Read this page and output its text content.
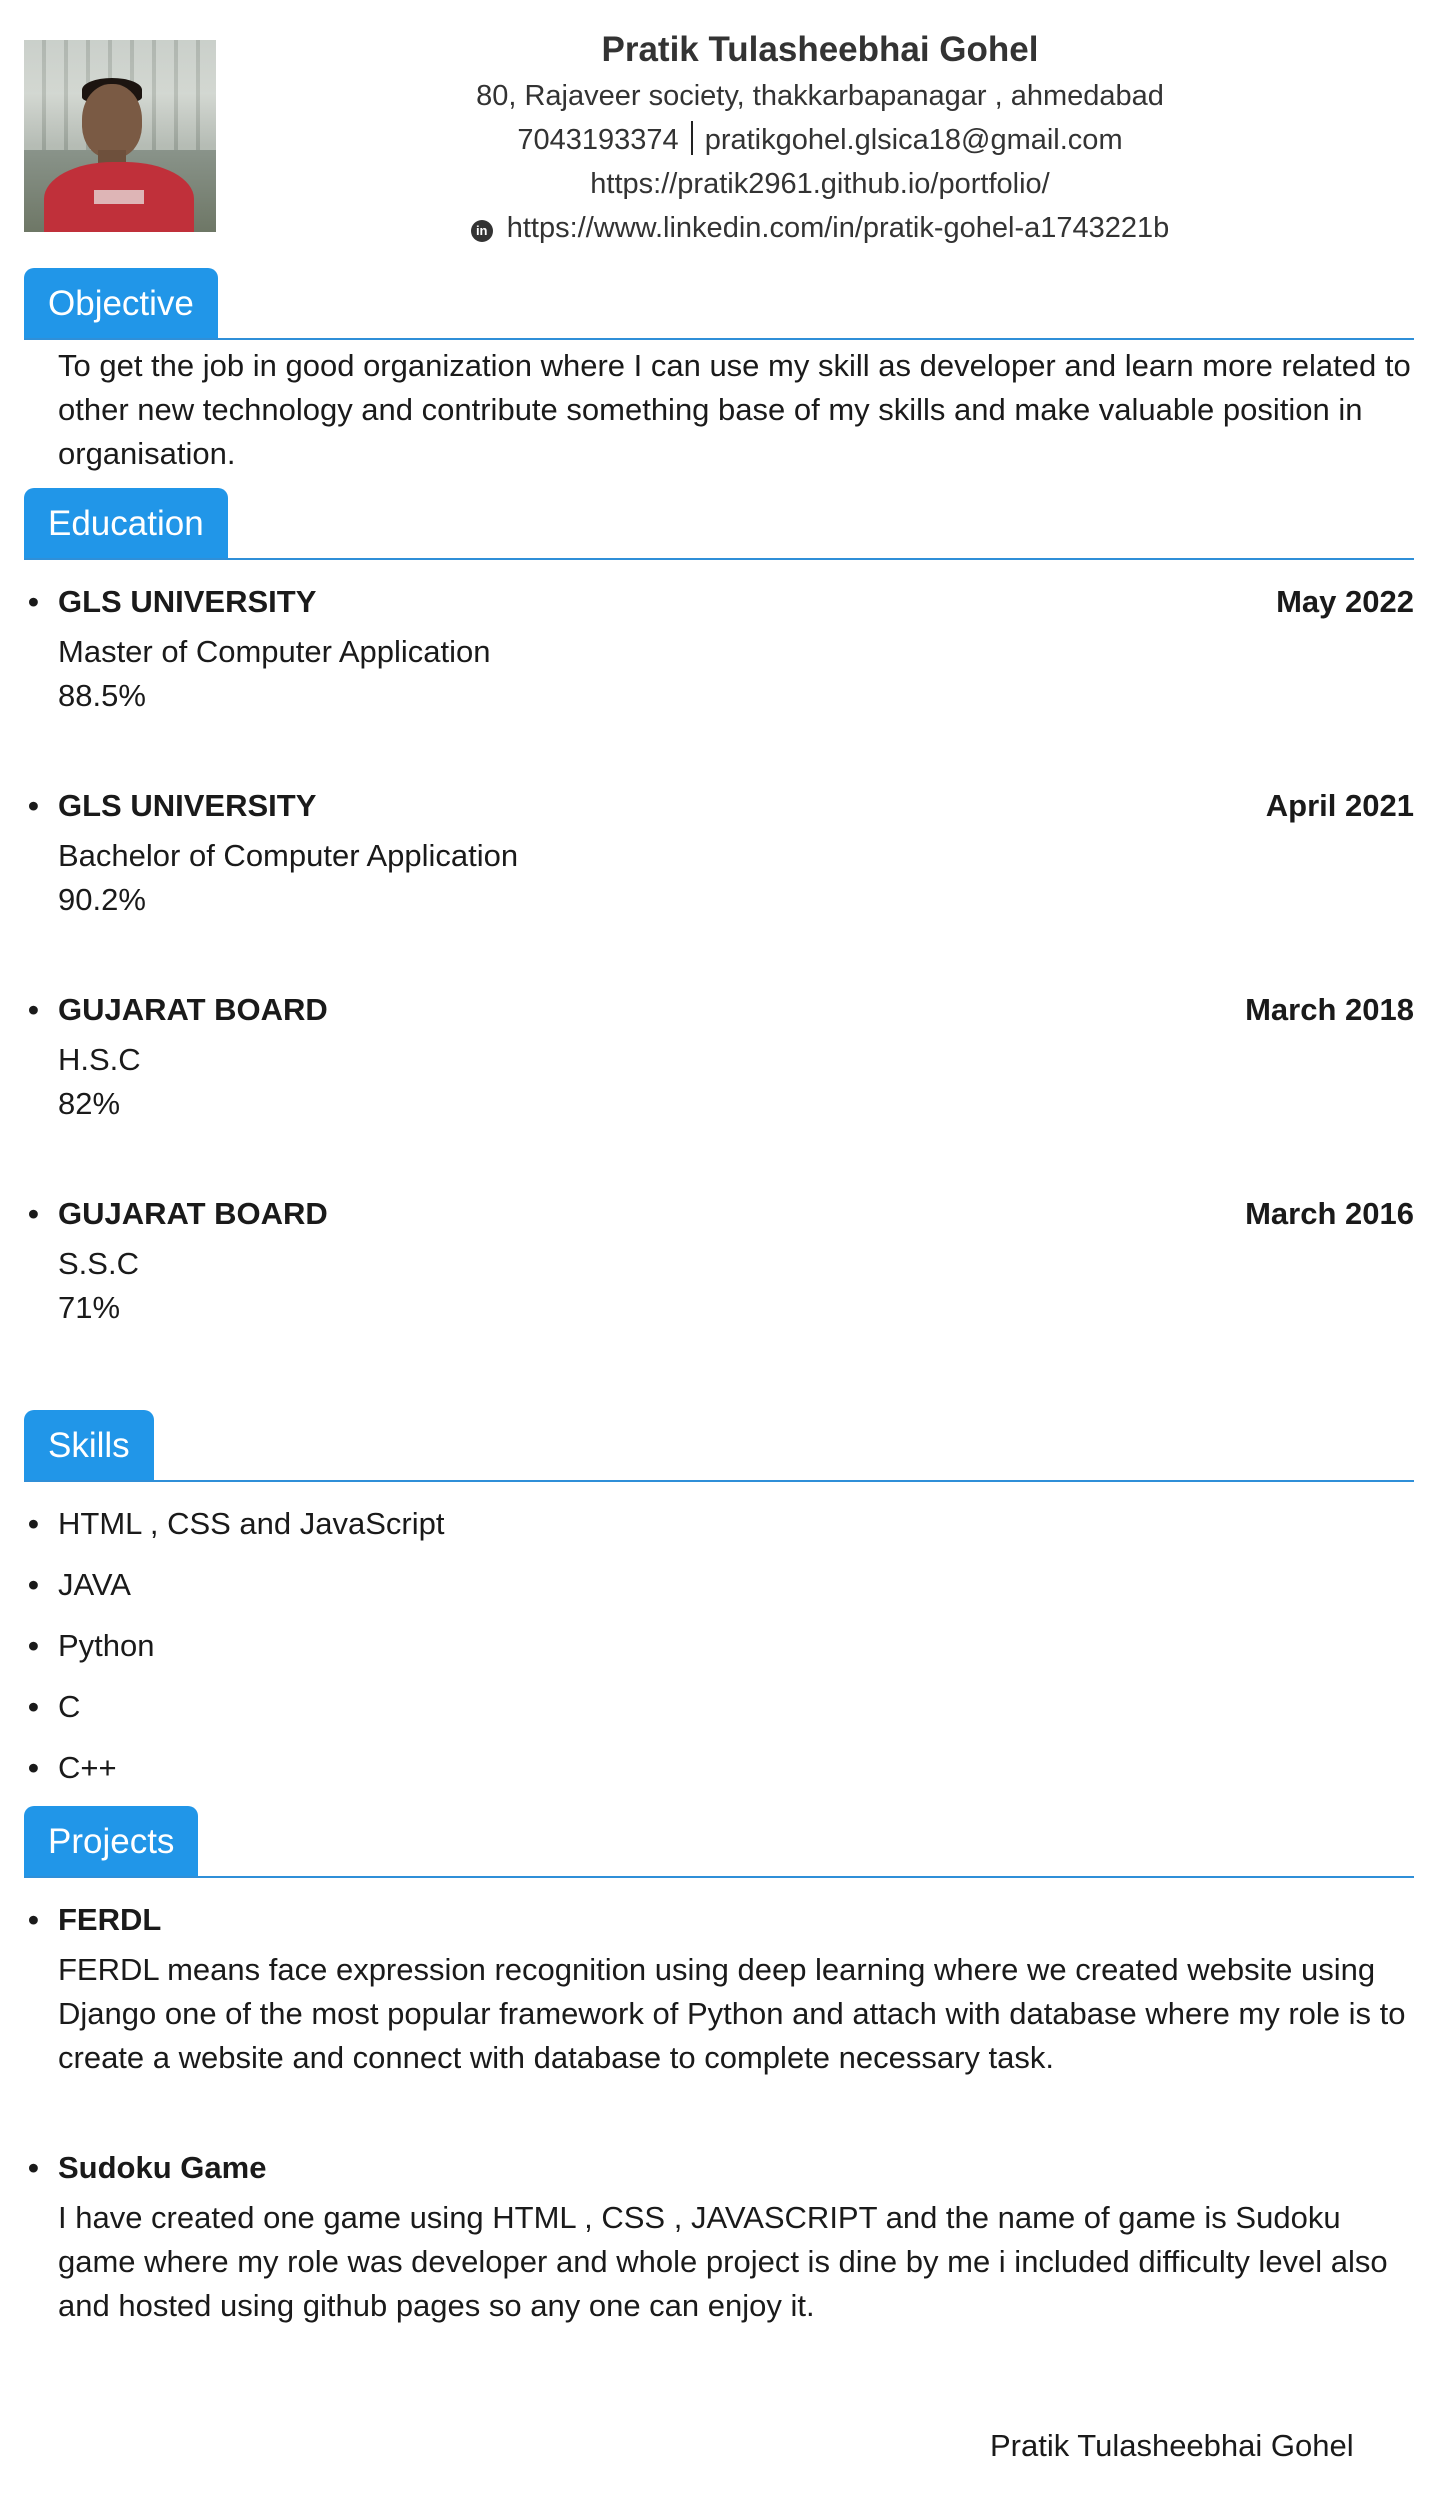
Pratik Tulasheebhai Gohel
80, Rajaveer society, thakkarbapanagar , ahmedabad
7043193374 pratikgohel.glsica18@gmail.com
https://pratik2961.github.io/portfolio/
in https://www.linkedin.com/in/pratik-gohel-a1743221b
Objective
To get the job in good organization where I can use my skill as developer and learn more related to other new technology and contribute something base of my skills and make valuable position in organisation.
Education
• GLS UNIVERSITY	May 2022
Master of Computer Application
88.5%
• GLS UNIVERSITY	April 2021
Bachelor of Computer Application
90.2%
• GUJARAT BOARD	March 2018
H.S.C
82%
• GUJARAT BOARD	March 2016
S.S.C
71%
Skills
• HTML , CSS and JavaScript
• JAVA
• Python
• C
• C++
Projects
• FERDL
FERDL means face expression recognition using deep learning where we created website using Django one of the most popular framework of Python and attach with database where my role is to create a website and connect with database to complete necessary task.
• Sudoku Game
I have created one game using HTML , CSS , JAVASCRIPT and the name of game is Sudoku game where my role was developer and whole project is dine by me i included difficulty level also and hosted using github pages so any one can enjoy it.
Pratik Tulasheebhai Gohel
